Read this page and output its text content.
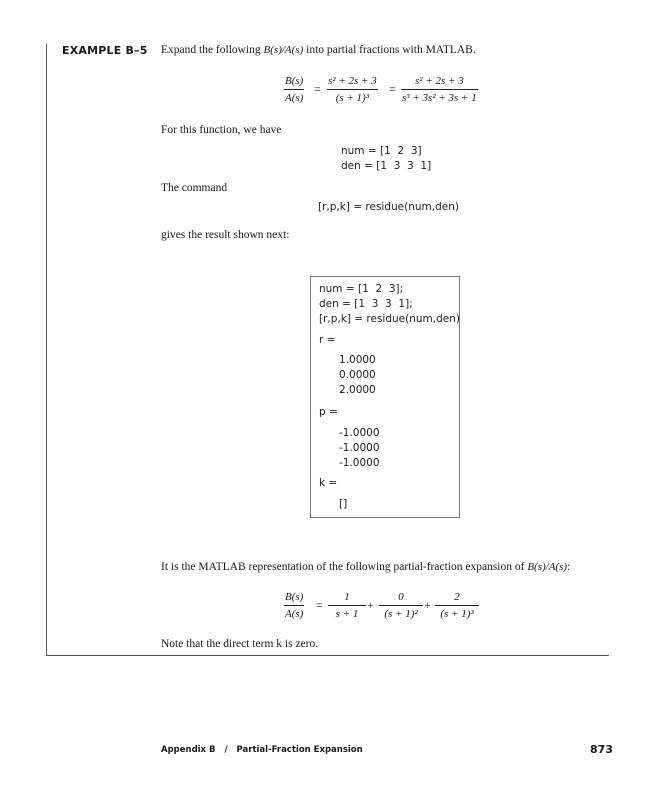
EXAMPLE B–5 Expand the following B(s)/A(s) into partial fractions with MATLAB.
$\frac{B(s)}{A(s)} = \frac{\text{s² + 2s + 3}}{\text{(s + 1)³}} = \frac{\text{s² + 2s + 3}}{\text{s³ + 3s² + 3s + 1}}$
For this function, we have
num = [1  2  3]
den = [1  3  3  1]
The command
[r,p,k] = residue(num,den)
gives the result shown next:
num = [1  2  3];
den = [1  3  3  1];
[r,p,k] = residue(num,den)
r =
1.0000
0.0000
2.0000
p =
-1.0000
-1.0000
-1.0000
k =
[]
It is the MATLAB representation of the following partial-fraction expansion of B(s)/A(s):
$\frac{B(s)}{A(s)} = \frac{1}{s + 1} + \frac{0}{\text{(s + 1)²}} + \frac{2}{\text{(s + 1)³}}$
Note that the direct term k is zero.
Appendix B / Partial-Fraction Expansion	873
